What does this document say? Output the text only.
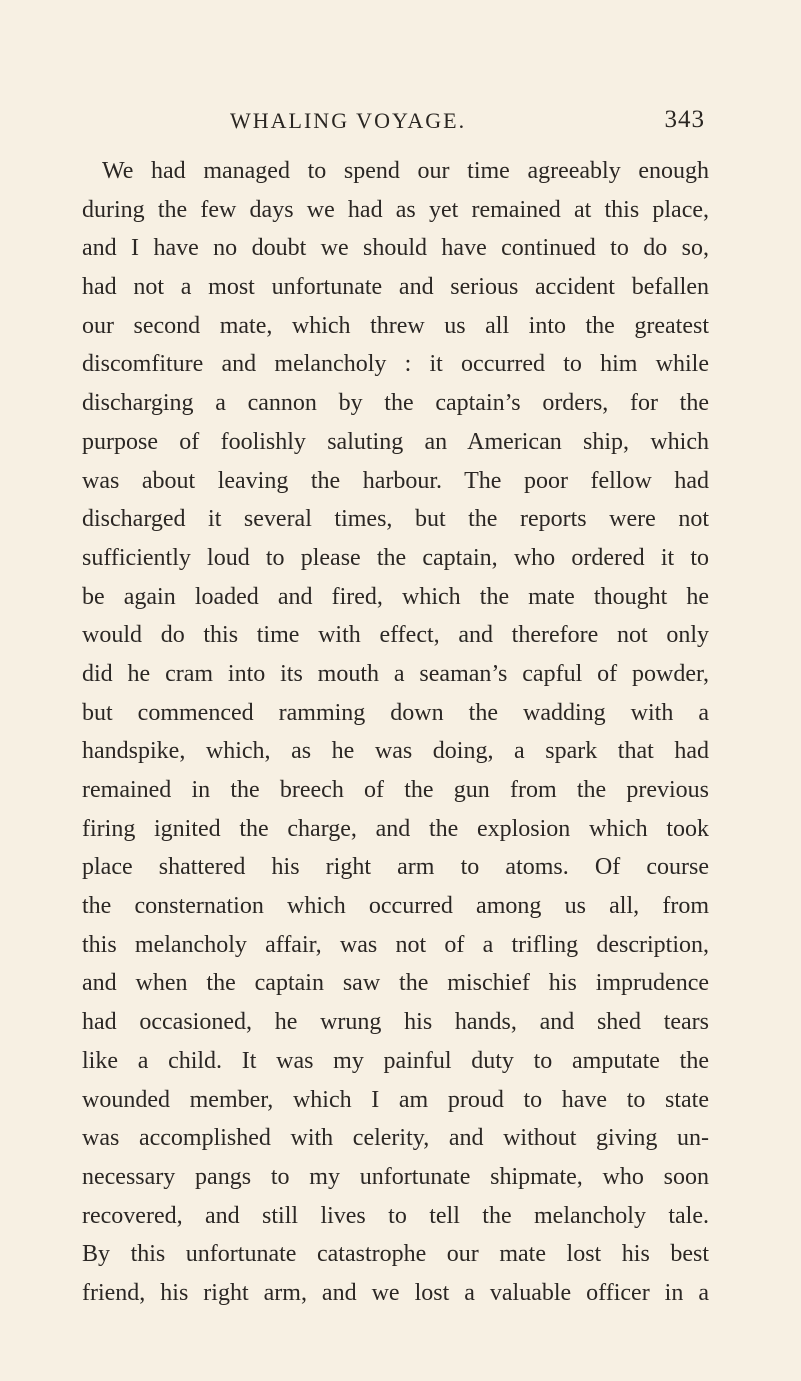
WHALING VOYAGE.	343
We had managed to spend our time agreeably enough
during the few days we had as yet remained at this place,
and I have no doubt we should have continued to do so,
had not a most unfortunate and serious accident befallen
our second mate, which threw us all into the greatest
discomfiture and melancholy : it occurred to him while
discharging a cannon by the captain’s orders, for the
purpose of foolishly saluting an American ship, which
was about leaving the harbour. The poor fellow had
discharged it several times, but the reports were not
sufficiently loud to please the captain, who ordered it to
be again loaded and fired, which the mate thought he
would do this time with effect, and therefore not only
did he cram into its mouth a seaman’s capful of powder,
but commenced ramming down the wadding with a
handspike, which, as he was doing, a spark that had
remained in the breech of the gun from the previous
firing ignited the charge, and the explosion which took
place shattered his right arm to atoms. Of course
the consternation which occurred among us all, from
this melancholy affair, was not of a trifling description,
and when the captain saw the mischief his imprudence
had occasioned, he wrung his hands, and shed tears
like a child. It was my painful duty to amputate the
wounded member, which I am proud to have to state
was accomplished with celerity, and without giving un-
necessary pangs to my unfortunate shipmate, who soon
recovered, and still lives to tell the melancholy tale.
By this unfortunate catastrophe our mate lost his best
friend, his right arm, and we lost a valuable officer in a
